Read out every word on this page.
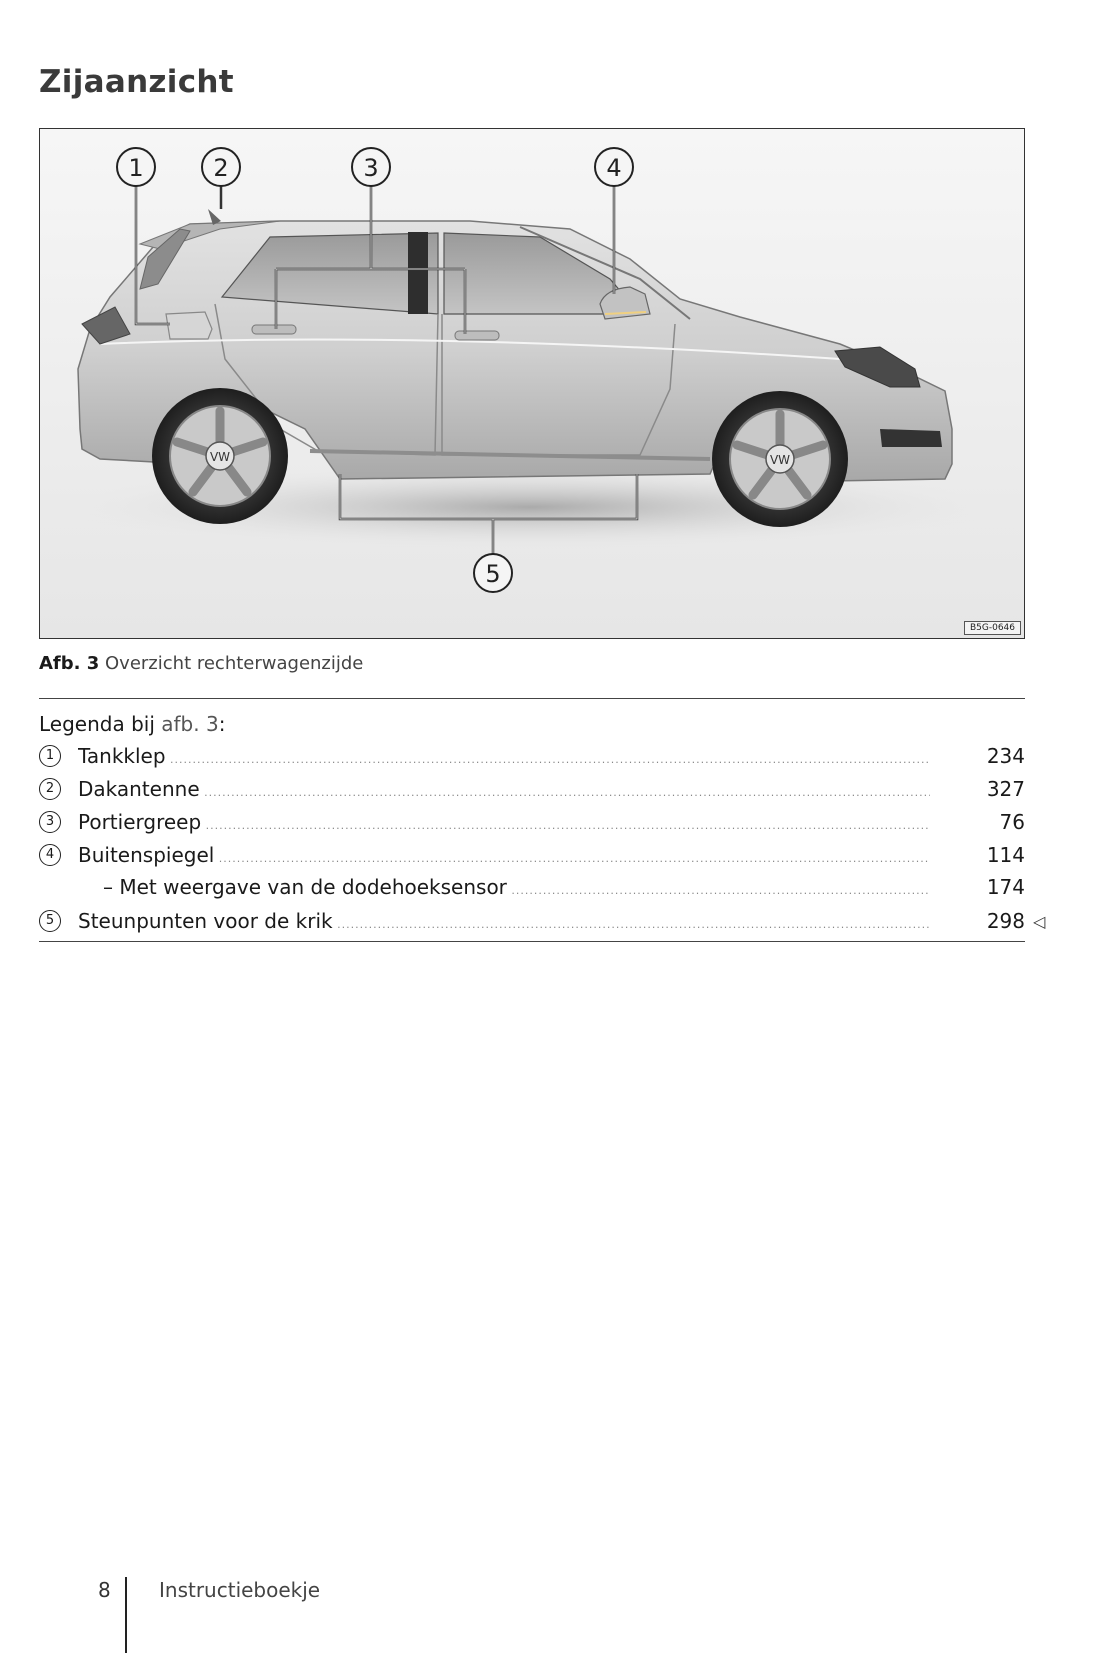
Zijaanzicht
VW	VW
1	2	3	4
5
B5G-0646
Afb. 3 Overzicht rechterwagenzijde
Legenda bij afb. 3:
1	Tankklep .....	234
2	Dakantenne .....	327
3	Portiergreep .....	76
4	Buitenspiegel .....	114
– Met weergave van de dodehoeksensor .....	174
5	Steunpunten voor de krik .....	298 ◁
8 Instructieboekje
